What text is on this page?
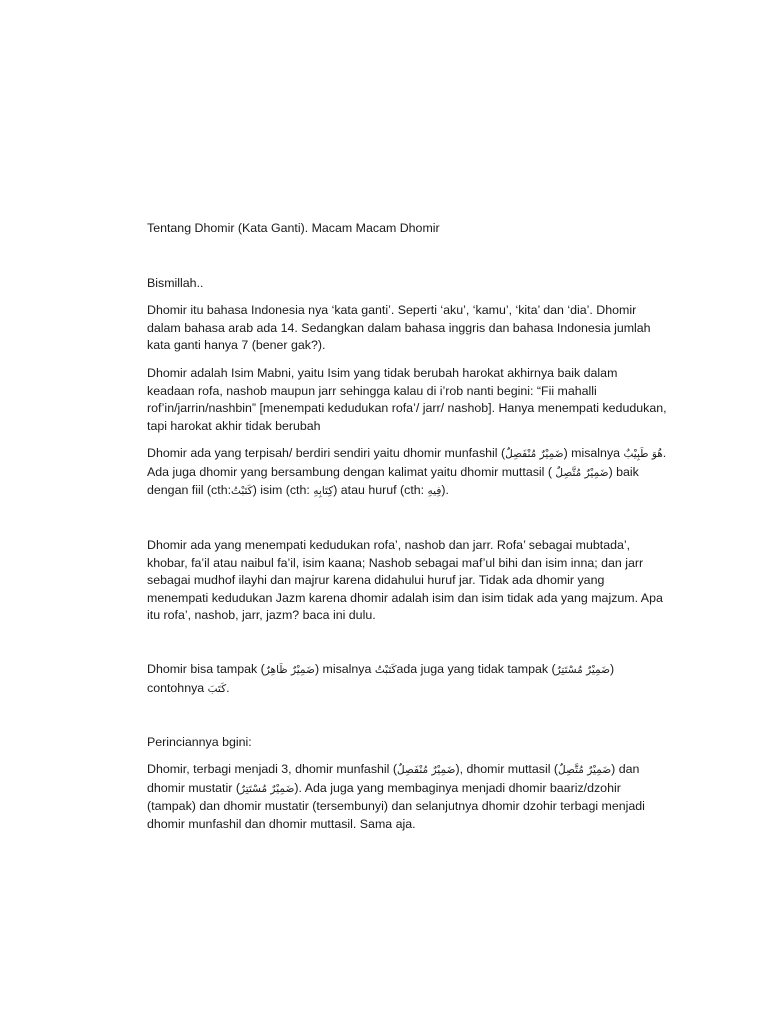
Tentang Dhomir (Kata Ganti). Macam Macam Dhomir

Bismillah..

Dhomir itu bahasa Indonesia nya ‘kata ganti’. Seperti ‘aku’, ‘kamu’, ‘kita’ dan ‘dia’. Dhomir dalam bahasa arab ada 14. Sedangkan dalam bahasa inggris dan bahasa Indonesia jumlah kata ganti hanya 7 (bener gak?).

Dhomir adalah Isim Mabni, yaitu Isim yang tidak berubah harokat akhirnya baik dalam keadaan rofa, nashob maupun jarr sehingga kalau di i’rob nanti begini: “Fii mahalli rof’in/jarrin/nashbin” [menempati kedudukan rofa’/ jarr/ nashob]. Hanya menempati kedudukan, tapi harokat akhir tidak berubah

Dhomir ada yang terpisah/ berdiri sendiri yaitu dhomir munfashil (ضَمِيْرٌ مُنْفَصِلٌ) misalnya هُوَ طَبِيْبٌ. Ada juga dhomir yang bersambung dengan kalimat yaitu dhomir muttasil ( ضَمِيْرٌ مُتَّصِلٌ) baik dengan fiil (cth:كَتَبْتُ) isim (cth: كِتَابِهِ) atau huruf (cth: فِيهِ).

Dhomir ada yang menempati kedudukan rofa’, nashob dan jarr. Rofa’ sebagai mubtada’, khobar, fa’il atau naibul fa’il, isim kaana; Nashob sebagai maf’ul bihi dan isim inna; dan jarr sebagai mudhof ilayhi dan majrur karena didahului huruf jar. Tidak ada dhomir yang menempati kedudukan Jazm karena dhomir adalah isim dan isim tidak ada yang majzum. Apa itu rofa’, nashob, jarr, jazm? baca ini dulu.

Dhomir bisa tampak (ضَمِيْرٌ ظَاهِرٌ) misalnya كَتَبْتُada juga yang tidak tampak (ضَمِيْرٌ مُسْتَتِرٌ) contohnya كَتَبَ.

Perinciannya bgini:

Dhomir, terbagi menjadi 3, dhomir munfashil (ضَمِيْرٌ مُنْفَصِلٌ), dhomir muttasil (ضَمِيْرٌ مُتَّصِلٌ) dan dhomir mustatir (ضَمِيْرٌ مُسْتَتِرٌ). Ada juga yang membaginya menjadi dhomir baariz/dzohir (tampak) dan dhomir mustatir (tersembunyi) dan selanjutnya dhomir dzohir terbagi menjadi dhomir munfashil dan dhomir muttasil. Sama aja.
